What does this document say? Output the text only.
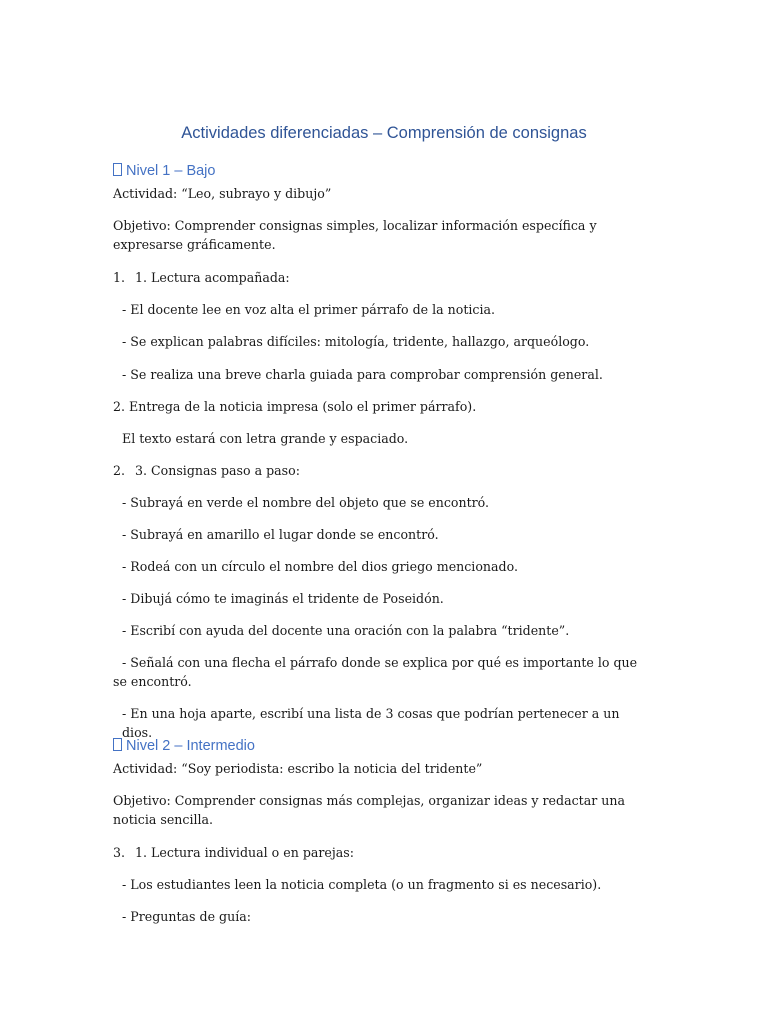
Actividades diferenciadas – Comprensión de consignas
Nivel 1 – Bajo

Actividad: “Leo, subrayo y dibujo”

Objetivo: Comprender consignas simples, localizar información específica y expresarse gráficamente.

1. 1. Lectura acompañada:

- El docente lee en voz alta el primer párrafo de la noticia.

- Se explican palabras difíciles: mitología, tridente, hallazgo, arqueólogo.

- Se realiza una breve charla guiada para comprobar comprensión general.

2. Entrega de la noticia impresa (solo el primer párrafo).

El texto estará con letra grande y espaciado.

2. 3. Consignas paso a paso:

- Subrayá en verde el nombre del objeto que se encontró.

- Subrayá en amarillo el lugar donde se encontró.

- Rodeá con un círculo el nombre del dios griego mencionado.

- Dibujá cómo te imaginás el tridente de Poseidón.

- Escribí con ayuda del docente una oración con la palabra “tridente”.

- Señalá con una flecha el párrafo donde se explica por qué es importante lo que se encontró.

- En una hoja aparte, escribí una lista de 3 cosas que podrían pertenecer a un dios.

Nivel 2 – Intermedio

Actividad: “Soy periodista: escribo la noticia del tridente”

Objetivo: Comprender consignas más complejas, organizar ideas y redactar una noticia sencilla.

3. 1. Lectura individual o en parejas:

- Los estudiantes leen la noticia completa (o un fragmento si es necesario).

- Preguntas de guía:
